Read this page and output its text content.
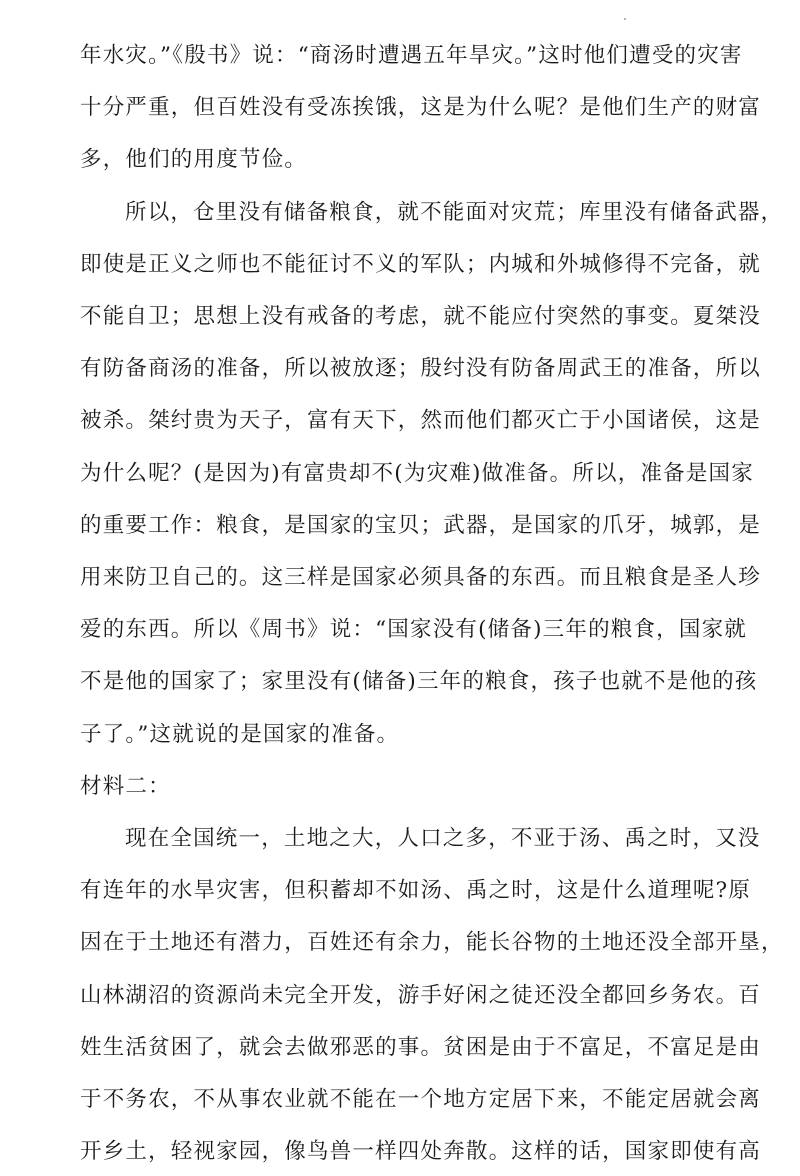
年水灾。”《殷书》说：“商汤时遭遇五年旱灾。”这时他们遭受的灾害
十分严重，但百姓没有受冻挨饿，这是为什么呢？是他们生产的财富
多，他们的用度节俭。
所以，仓里没有储备粮食，就不能面对灾荒；库里没有储备武器，
即使是正义之师也不能征讨不义的军队；内城和外城修得不完备，就
不能自卫；思想上没有戒备的考虑，就不能应付突然的事变。夏桀没
有防备商汤的准备，所以被放逐；殷纣没有防备周武王的准备，所以
被杀。桀纣贵为天子，富有天下，然而他们都灭亡于小国诸侯，这是
为什么呢？(是因为)有富贵却不(为灾难)做准备。所以，准备是国家
的重要工作：粮食，是国家的宝贝；武器，是国家的爪牙，城郭，是
用来防卫自己的。这三样是国家必须具备的东西。而且粮食是圣人珍
爱的东西。所以《周书》说：“国家没有(储备)三年的粮食，国家就
不是他的国家了；家里没有(储备)三年的粮食，孩子也就不是他的孩
子了。”这就说的是国家的准备。
材料二：
现在全国统一，土地之大，人口之多，不亚于汤、禹之时，又没
有连年的水旱灾害，但积蓄却不如汤、禹之时，这是什么道理呢?原
因在于土地还有潜力，百姓还有余力，能长谷物的土地还没全部开垦，
山林湖沼的资源尚未完全开发，游手好闲之徒还没全都回乡务农。百
姓生活贫困了，就会去做邪恶的事。贫困是由于不富足，不富足是由
于不务农，不从事农业就不能在一个地方定居下来，不能定居就会离
开乡土，轻视家园，像鸟兽一样四处奔散。这样的话，国家即使有高
